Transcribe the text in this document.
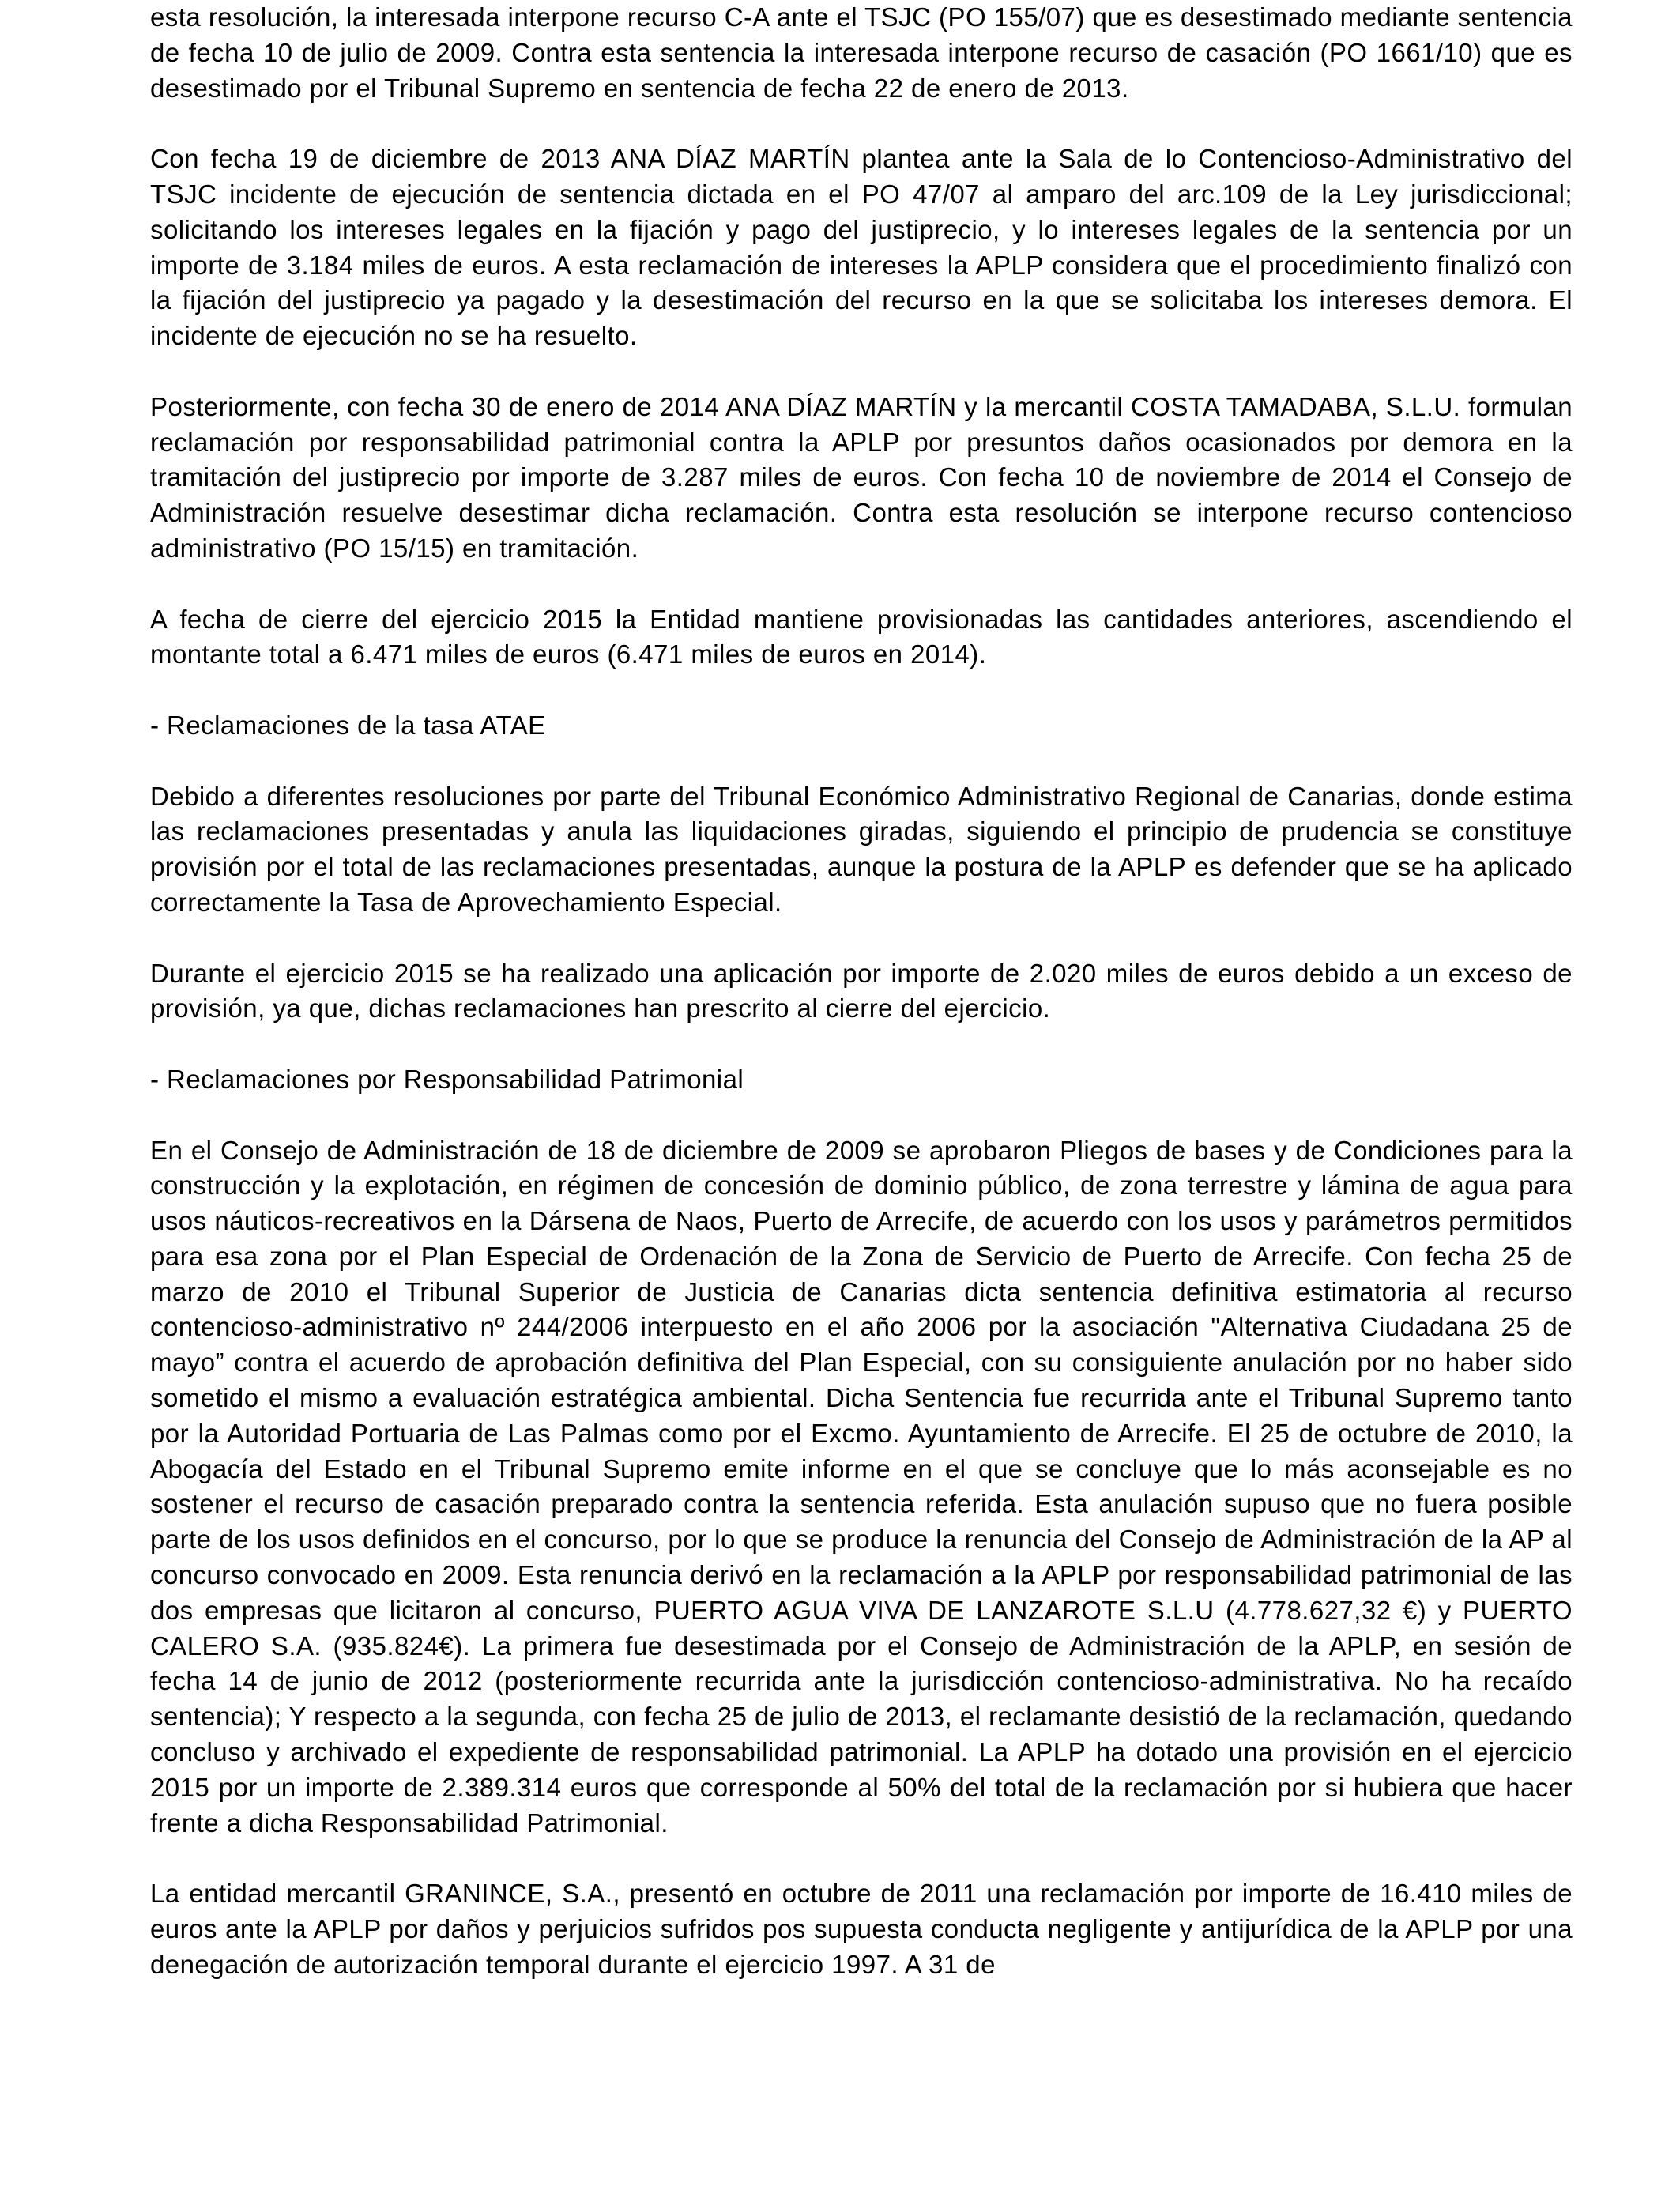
esta resolución, la interesada interpone recurso C-A ante el TSJC (PO 155/07) que es desestimado mediante sentencia de fecha 10 de julio de 2009. Contra esta sentencia la interesada interpone recurso de casación (PO 1661/10) que es desestimado por el Tribunal Supremo en sentencia de fecha 22 de enero de 2013.

Con fecha 19 de diciembre de 2013 ANA DÍAZ MARTÍN plantea ante la Sala de lo Contencioso-Administrativo del TSJC incidente de ejecución de sentencia dictada en el PO 47/07 al amparo del arc.109 de la Ley jurisdiccional; solicitando los intereses legales en la fijación y pago del justiprecio, y lo intereses legales de la sentencia por un importe de 3.184 miles de euros. A esta reclamación de intereses la APLP considera que el procedimiento finalizó con la fijación del justiprecio ya pagado y la desestimación del recurso en la que se solicitaba los intereses demora. El incidente de ejecución no se ha resuelto.

Posteriormente, con fecha 30 de enero de 2014 ANA DÍAZ MARTÍN y la mercantil COSTA TAMADABA, S.L.U. formulan reclamación por responsabilidad patrimonial contra la APLP por presuntos daños ocasionados por demora en la tramitación del justiprecio por importe de 3.287 miles de euros. Con fecha 10 de noviembre de 2014 el Consejo de Administración resuelve desestimar dicha reclamación. Contra esta resolución se interpone recurso contencioso administrativo (PO 15/15) en tramitación.

A fecha de cierre del ejercicio 2015 la Entidad mantiene provisionadas las cantidades anteriores, ascendiendo el montante total a 6.471 miles de euros (6.471 miles de euros en 2014).

- Reclamaciones de la tasa ATAE

Debido a diferentes resoluciones por parte del Tribunal Económico Administrativo Regional de Canarias, donde estima las reclamaciones presentadas y anula las liquidaciones giradas, siguiendo el principio de prudencia se constituye provisión por el total de las reclamaciones presentadas, aunque la postura de la APLP es defender que se ha aplicado correctamente la Tasa de Aprovechamiento Especial.

Durante el ejercicio 2015 se ha realizado una aplicación por importe de 2.020 miles de euros debido a un exceso de provisión, ya que, dichas reclamaciones han prescrito al cierre del ejercicio.

- Reclamaciones por Responsabilidad Patrimonial

En el Consejo de Administración de 18 de diciembre de 2009 se aprobaron Pliegos de bases y de Condiciones para la construcción y la explotación, en régimen de concesión de dominio público, de zona terrestre y lámina de agua para usos náuticos-recreativos en la Dársena de Naos, Puerto de Arrecife, de acuerdo con los usos y parámetros permitidos para esa zona por el Plan Especial de Ordenación de la Zona de Servicio de Puerto de Arrecife. Con fecha 25 de marzo de 2010 el Tribunal Superior de Justicia de Canarias dicta sentencia definitiva estimatoria al recurso contencioso-administrativo nº 244/2006 interpuesto en el año 2006 por la asociación "Alternativa Ciudadana 25 de mayo” contra el acuerdo de aprobación definitiva del Plan Especial, con su consiguiente anulación por no haber sido sometido el mismo a evaluación estratégica ambiental. Dicha Sentencia fue recurrida ante el Tribunal Supremo tanto por la Autoridad Portuaria de Las Palmas como por el Excmo. Ayuntamiento de Arrecife. El 25 de octubre de 2010, la Abogacía del Estado en el Tribunal Supremo emite informe en el que se concluye que lo más aconsejable es no sostener el recurso de casación preparado contra la sentencia referida. Esta anulación supuso que no fuera posible parte de los usos definidos en el concurso, por lo que se produce la renuncia del Consejo de Administración de la AP al concurso convocado en 2009. Esta renuncia derivó en la reclamación a la APLP por responsabilidad patrimonial de las dos empresas que licitaron al concurso, PUERTO AGUA VIVA DE LANZAROTE S.L.U (4.778.627,32 €) y PUERTO CALERO S.A. (935.824€). La primera fue desestimada por el Consejo de Administración de la APLP, en sesión de fecha 14 de junio de 2012 (posteriormente recurrida ante la jurisdicción contencioso-administrativa. No ha recaído sentencia); Y respecto a la segunda, con fecha 25 de julio de 2013, el reclamante desistió de la reclamación, quedando concluso y archivado el expediente de responsabilidad patrimonial. La APLP ha dotado una provisión en el ejercicio 2015 por un importe de 2.389.314 euros que corresponde al 50% del total de la reclamación por si hubiera que hacer frente a dicha Responsabilidad Patrimonial.

La entidad mercantil GRANINCE, S.A., presentó en octubre de 2011 una reclamación por importe de 16.410 miles de euros ante la APLP por daños y perjuicios sufridos pos supuesta conducta negligente y antijurídica de la APLP por una denegación de autorización temporal durante el ejercicio 1997. A 31 de
